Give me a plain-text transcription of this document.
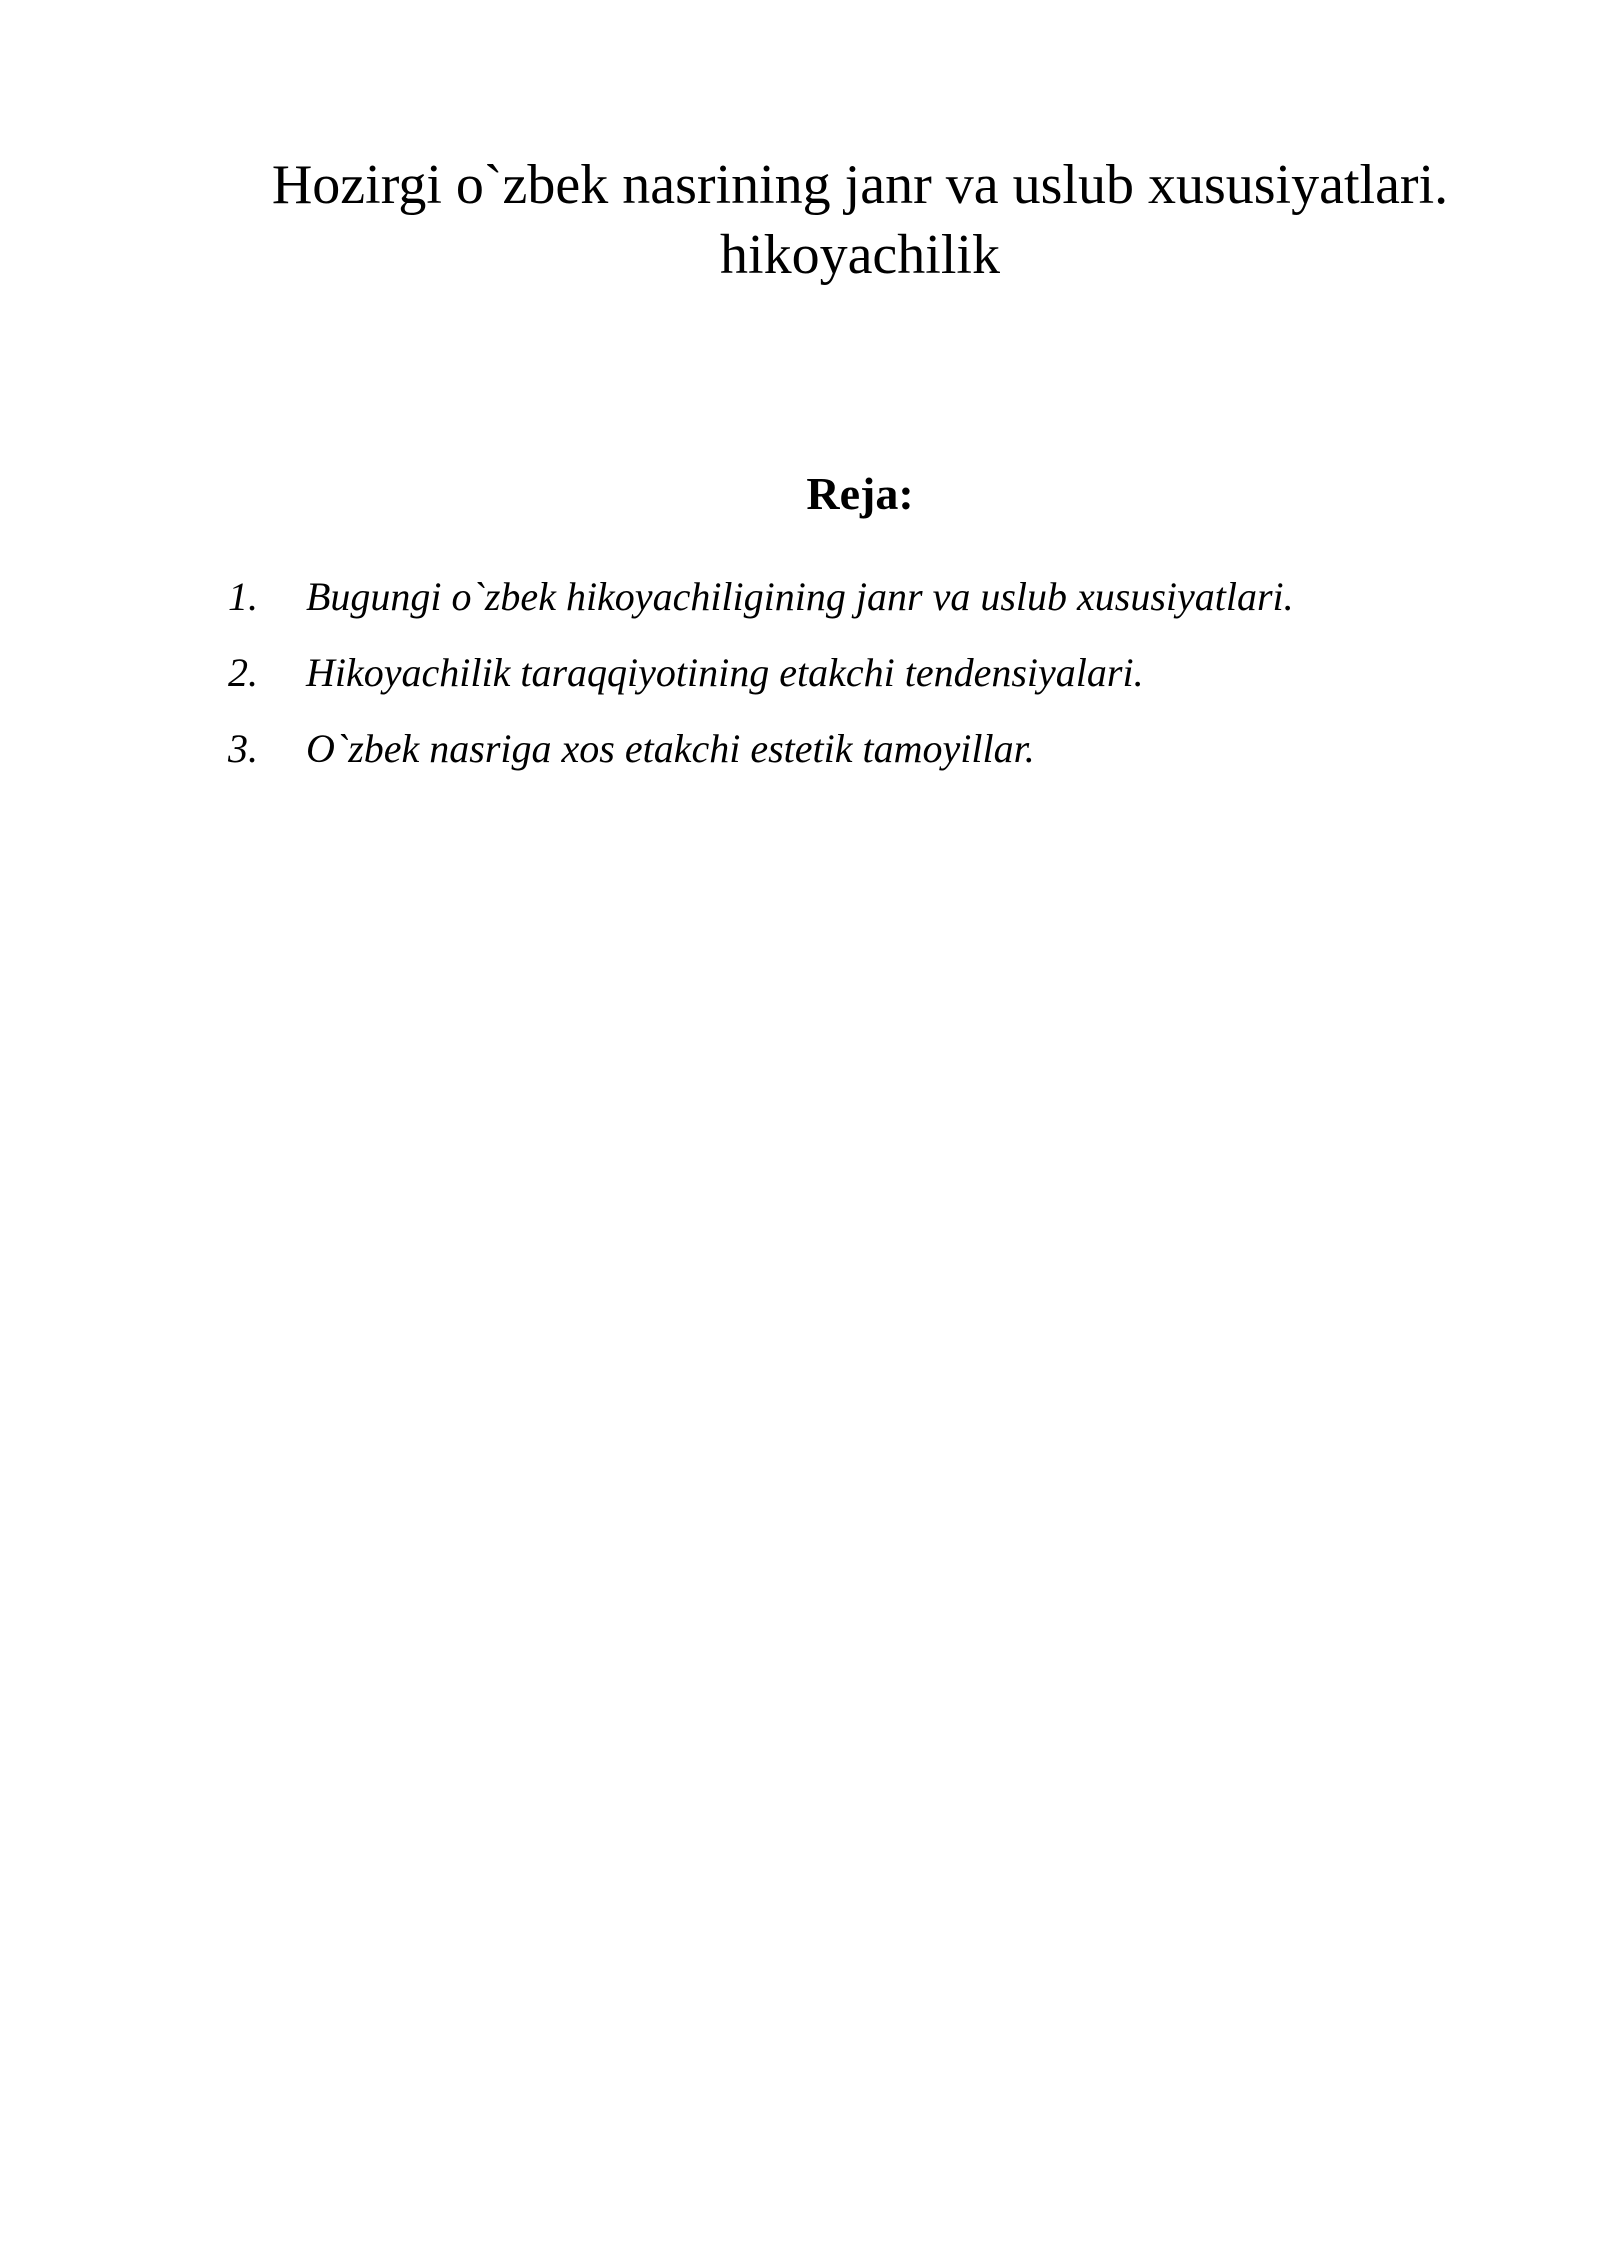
Hozirgi o`zbek nasrining janr va uslub xususiyatlari.
hikoyachilik
Reja:
1.	Bugungi o`zbek hikoyachiligining janr va uslub xususiyatlari.
2.	Hikoyachilik taraqqiyotining etakchi tendensiyalari.
3.	O`zbek nasriga xos etakchi estetik tamoyillar.
